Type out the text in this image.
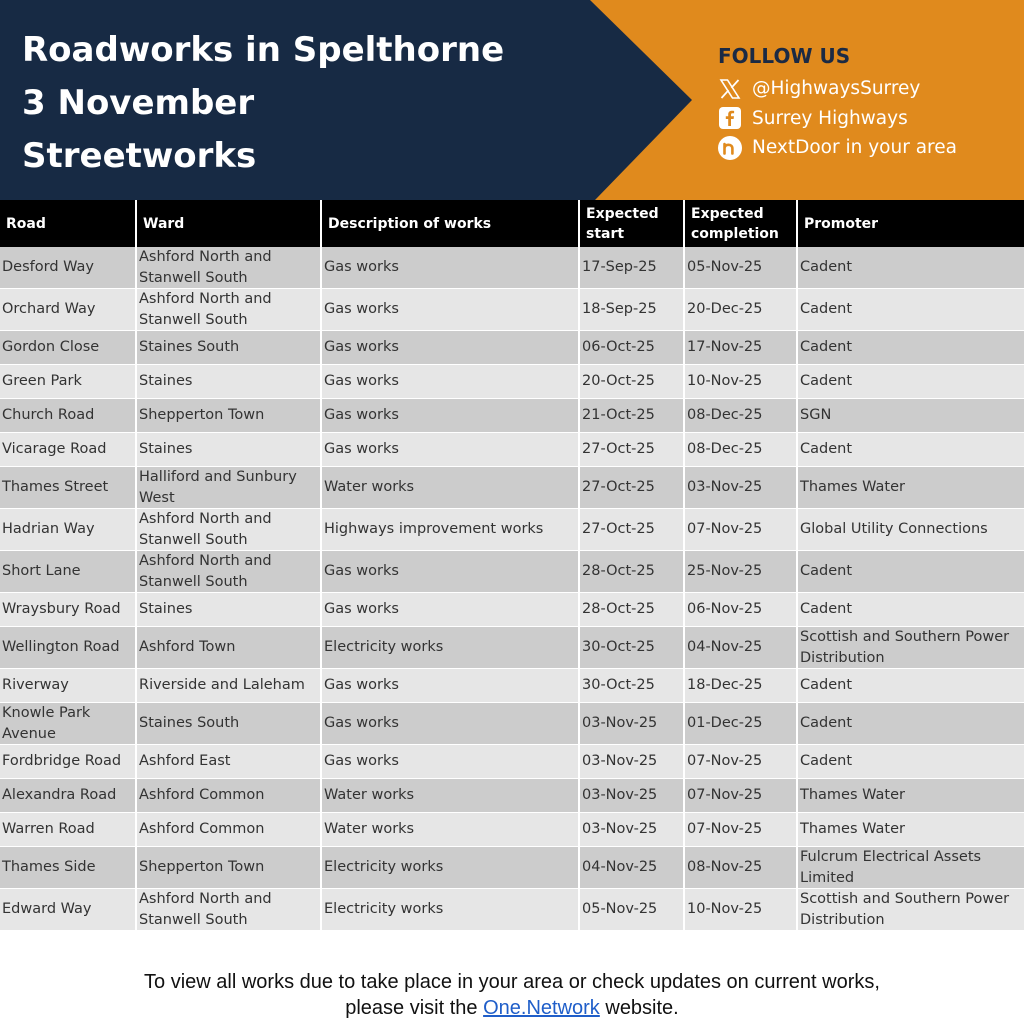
Roadworks in Spelthorne
3 November
Streetworks
FOLLOW US
@HighwaysSurrey
Surrey Highways
NextDoor in your area
Road	Ward	Description of works	Expected start	Expected completion	Promoter
Desford Way	Ashford North and Stanwell South	Gas works	17-Sep-25	05-Nov-25	Cadent
Orchard Way	Ashford North and Stanwell South	Gas works	18-Sep-25	20-Dec-25	Cadent
Gordon Close	Staines South	Gas works	06-Oct-25	17-Nov-25	Cadent
Green Park	Staines	Gas works	20-Oct-25	10-Nov-25	Cadent
Church Road	Shepperton Town	Gas works	21-Oct-25	08-Dec-25	SGN
Vicarage Road	Staines	Gas works	27-Oct-25	08-Dec-25	Cadent
Thames Street	Halliford and Sunbury West	Water works	27-Oct-25	03-Nov-25	Thames Water
Hadrian Way	Ashford North and Stanwell South	Highways improvement works	27-Oct-25	07-Nov-25	Global Utility Connections
Short Lane	Ashford North and Stanwell South	Gas works	28-Oct-25	25-Nov-25	Cadent
Wraysbury Road	Staines	Gas works	28-Oct-25	06-Nov-25	Cadent
Wellington Road	Ashford Town	Electricity works	30-Oct-25	04-Nov-25	Scottish and Southern Power Distribution
Riverway	Riverside and Laleham	Gas works	30-Oct-25	18-Dec-25	Cadent
Knowle Park Avenue	Staines South	Gas works	03-Nov-25	01-Dec-25	Cadent
Fordbridge Road	Ashford East	Gas works	03-Nov-25	07-Nov-25	Cadent
Alexandra Road	Ashford Common	Water works	03-Nov-25	07-Nov-25	Thames Water
Warren Road	Ashford Common	Water works	03-Nov-25	07-Nov-25	Thames Water
Thames Side	Shepperton Town	Electricity works	04-Nov-25	08-Nov-25	Fulcrum Electrical Assets Limited
Edward Way	Ashford North and Stanwell South	Electricity works	05-Nov-25	10-Nov-25	Scottish and Southern Power Distribution
To view all works due to take place in your area or check updates on current works,
please visit the One.Network website.
